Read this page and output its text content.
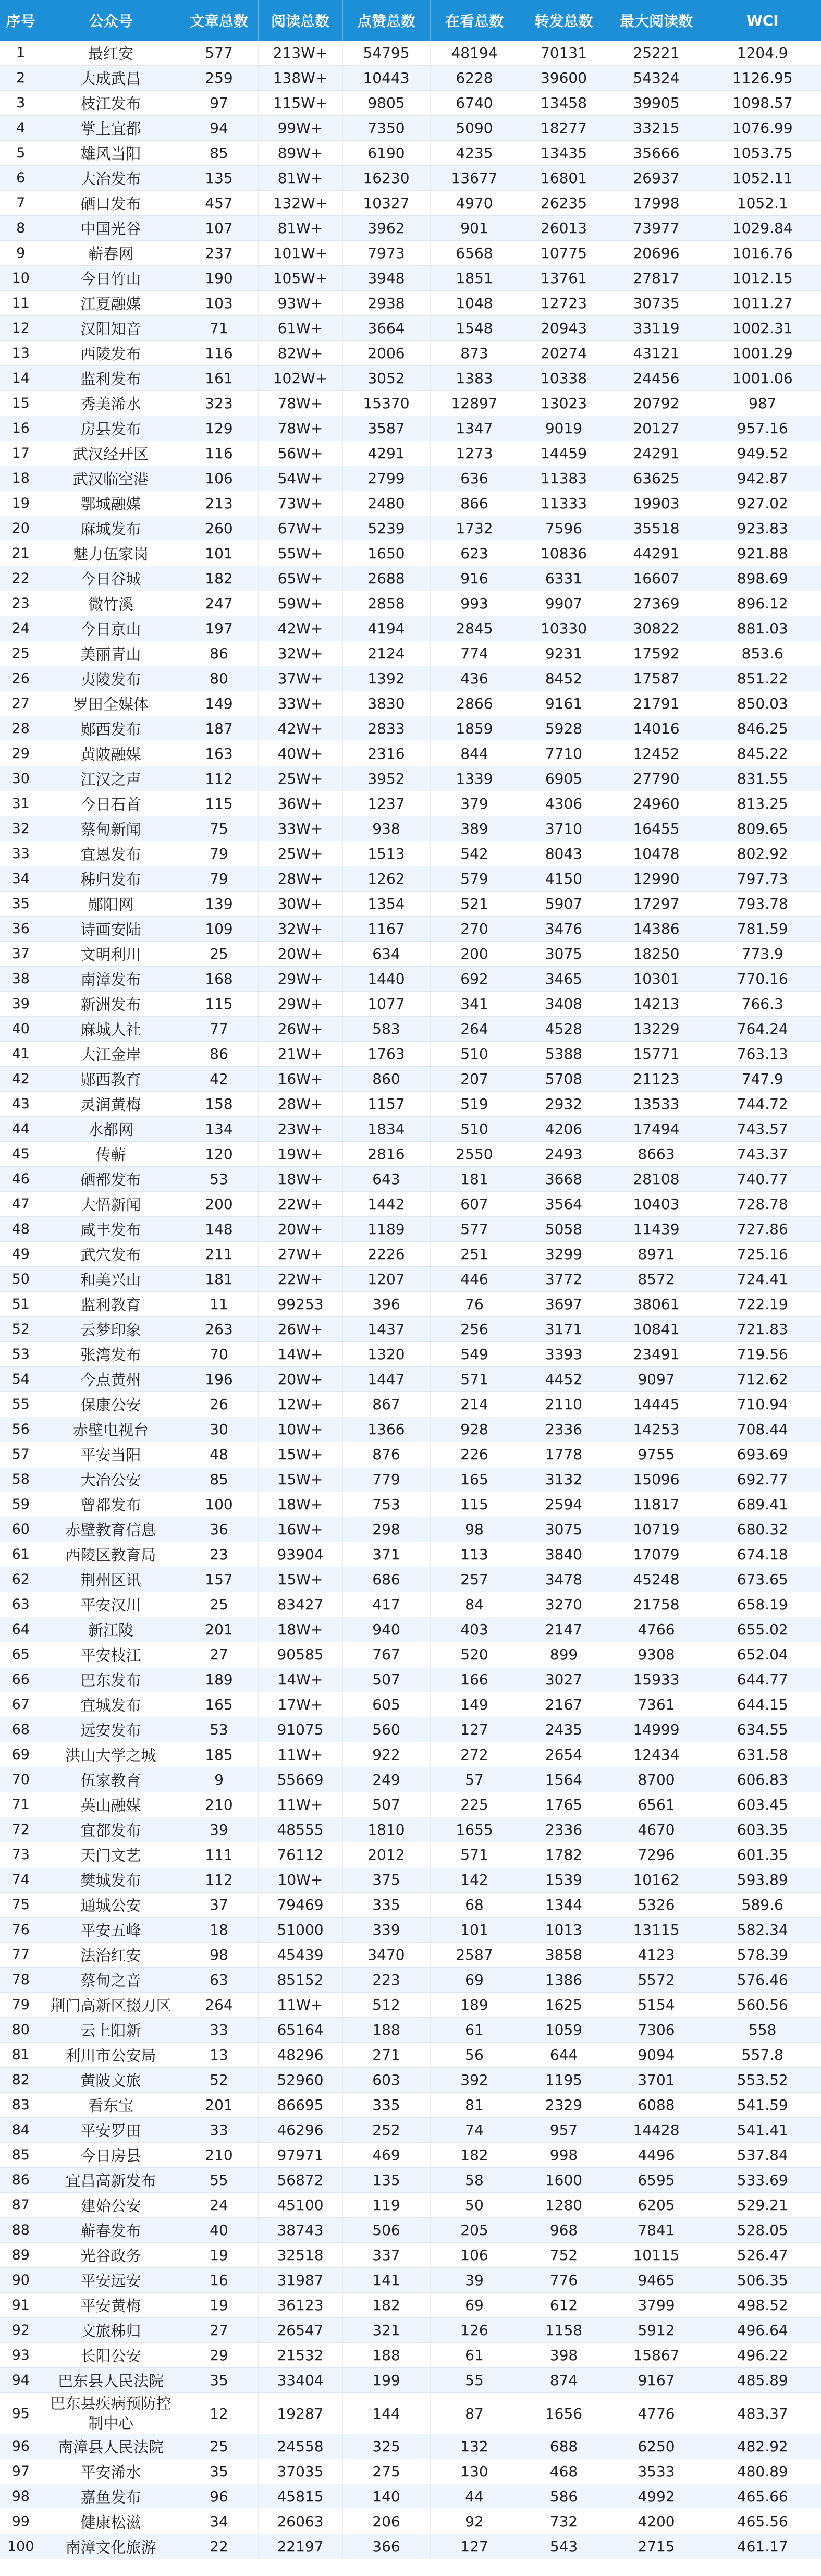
序号	公众号	文章总数	阅读总数	点赞总数	在看总数	转发总数	最大阅读数	WCI
1	最红安	577	213W+	54795	48194	70131	25221	1204.9
2	大成武昌	259	138W+	10443	6228	39600	54324	1126.95
3	枝江发布	97	115W+	9805	6740	13458	39905	1098.57
4	掌上宜都	94	99W+	7350	5090	18277	33215	1076.99
5	雄风当阳	85	89W+	6190	4235	13435	35666	1053.75
6	大冶发布	135	81W+	16230	13677	16801	26937	1052.11
7	硒口发布	457	132W+	10327	4970	26235	17998	1052.1
8	中国光谷	107	81W+	3962	901	26013	73977	1029.84
9	蕲春网	237	101W+	7973	6568	10775	20696	1016.76
10	今日竹山	190	105W+	3948	1851	13761	27817	1012.15
11	江夏融媒	103	93W+	2938	1048	12723	30735	1011.27
12	汉阳知音	71	61W+	3664	1548	20943	33119	1002.31
13	西陵发布	116	82W+	2006	873	20274	43121	1001.29
14	监利发布	161	102W+	3052	1383	10338	24456	1001.06
15	秀美浠水	323	78W+	15370	12897	13023	20792	987
16	房县发布	129	78W+	3587	1347	9019	20127	957.16
17	武汉经开区	116	56W+	4291	1273	14459	24291	949.52
18	武汉临空港	106	54W+	2799	636	11383	63625	942.87
19	鄂城融媒	213	73W+	2480	866	11333	19903	927.02
20	麻城发布	260	67W+	5239	1732	7596	35518	923.83
21	魅力伍家岗	101	55W+	1650	623	10836	44291	921.88
22	今日谷城	182	65W+	2688	916	6331	16607	898.69
23	微竹溪	247	59W+	2858	993	9907	27369	896.12
24	今日京山	197	42W+	4194	2845	10330	30822	881.03
25	美丽青山	86	32W+	2124	774	9231	17592	853.6
26	夷陵发布	80	37W+	1392	436	8452	17587	851.22
27	罗田全媒体	149	33W+	3830	2866	9161	21791	850.03
28	郧西发布	187	42W+	2833	1859	5928	14016	846.25
29	黄陂融媒	163	40W+	2316	844	7710	12452	845.22
30	江汉之声	112	25W+	3952	1339	6905	27790	831.55
31	今日石首	115	36W+	1237	379	4306	24960	813.25
32	蔡甸新闻	75	33W+	938	389	3710	16455	809.65
33	宜恩发布	79	25W+	1513	542	8043	10478	802.92
34	秭归发布	79	28W+	1262	579	4150	12990	797.73
35	郧阳网	139	30W+	1354	521	5907	17297	793.78
36	诗画安陆	109	32W+	1167	270	3476	14386	781.59
37	文明利川	25	20W+	634	200	3075	18250	773.9
38	南漳发布	168	29W+	1440	692	3465	10301	770.16
39	新洲发布	115	29W+	1077	341	3408	14213	766.3
40	麻城人社	77	26W+	583	264	4528	13229	764.24
41	大江金岸	86	21W+	1763	510	5388	15771	763.13
42	郧西教育	42	16W+	860	207	5708	21123	747.9
43	灵润黄梅	158	28W+	1157	519	2932	13533	744.72
44	水都网	134	23W+	1834	510	4206	17494	743.57
45	传蕲	120	19W+	2816	2550	2493	8663	743.37
46	硒都发布	53	18W+	643	181	3668	28108	740.77
47	大悟新闻	200	22W+	1442	607	3564	10403	728.78
48	咸丰发布	148	20W+	1189	577	5058	11439	727.86
49	武穴发布	211	27W+	2226	251	3299	8971	725.16
50	和美兴山	181	22W+	1207	446	3772	8572	724.41
51	监利教育	11	99253	396	76	3697	38061	722.19
52	云梦印象	263	26W+	1437	256	3171	10841	721.83
53	张湾发布	70	14W+	1320	549	3393	23491	719.56
54	今点黄州	196	20W+	1447	571	4452	9097	712.62
55	保康公安	26	12W+	867	214	2110	14445	710.94
56	赤壁电视台	30	10W+	1366	928	2336	14253	708.44
57	平安当阳	48	15W+	876	226	1778	9755	693.69
58	大冶公安	85	15W+	779	165	3132	15096	692.77
59	曾都发布	100	18W+	753	115	2594	11817	689.41
60	赤壁教育信息	36	16W+	298	98	3075	10719	680.32
61	西陵区教育局	23	93904	371	113	3840	17079	674.18
62	荆州区讯	157	15W+	686	257	3478	45248	673.65
63	平安汉川	25	83427	417	84	3270	21758	658.19
64	新江陵	201	18W+	940	403	2147	4766	655.02
65	平安枝江	27	90585	767	520	899	9308	652.04
66	巴东发布	189	14W+	507	166	3027	15933	644.77
67	宜城发布	165	17W+	605	149	2167	7361	644.15
68	远安发布	53	91075	560	127	2435	14999	634.55
69	洪山大学之城	185	11W+	922	272	2654	12434	631.58
70	伍家教育	9	55669	249	57	1564	8700	606.83
71	英山融媒	210	11W+	507	225	1765	6561	603.45
72	宜都发布	39	48555	1810	1655	2336	4670	603.35
73	天门文艺	111	76112	2012	571	1782	7296	601.35
74	樊城发布	112	10W+	375	142	1539	10162	593.89
75	通城公安	37	79469	335	68	1344	5326	589.6
76	平安五峰	18	51000	339	101	1013	13115	582.34
77	法治红安	98	45439	3470	2587	3858	4123	578.39
78	蔡甸之音	63	85152	223	69	1386	5572	576.46
79	荆门高新区掇刀区	264	11W+	512	189	1625	5154	560.56
80	云上阳新	33	65164	188	61	1059	7306	558
81	利川市公安局	13	48296	271	56	644	9094	557.8
82	黄陂文旅	52	52960	603	392	1195	3701	553.52
83	看东宝	201	86695	335	81	2329	6088	541.59
84	平安罗田	33	46296	252	74	957	14428	541.41
85	今日房县	210	97971	469	182	998	4496	537.84
86	宜昌高新发布	55	56872	135	58	1600	6595	533.69
87	建始公安	24	45100	119	50	1280	6205	529.21
88	蕲春发布	40	38743	506	205	968	7841	528.05
89	光谷政务	19	32518	337	106	752	10115	526.47
90	平安远安	16	31987	141	39	776	9465	506.35
91	平安黄梅	19	36123	182	69	612	3799	498.52
92	文旅秭归	27	26547	321	126	1158	5912	496.64
93	长阳公安	29	21532	188	61	398	15867	496.22
94	巴东县人民法院	35	33404	199	55	874	9167	485.89
95	巴东县疾病预防控制中心	12	19287	144	87	1656	4776	483.37
96	南漳县人民法院	25	24558	325	132	688	6250	482.92
97	平安浠水	35	37035	275	130	468	3533	480.89
98	嘉鱼发布	96	45815	140	44	586	4992	465.66
99	健康松滋	34	26063	206	92	732	4200	465.56
100	南漳文化旅游	22	22197	366	127	543	2715	461.17
